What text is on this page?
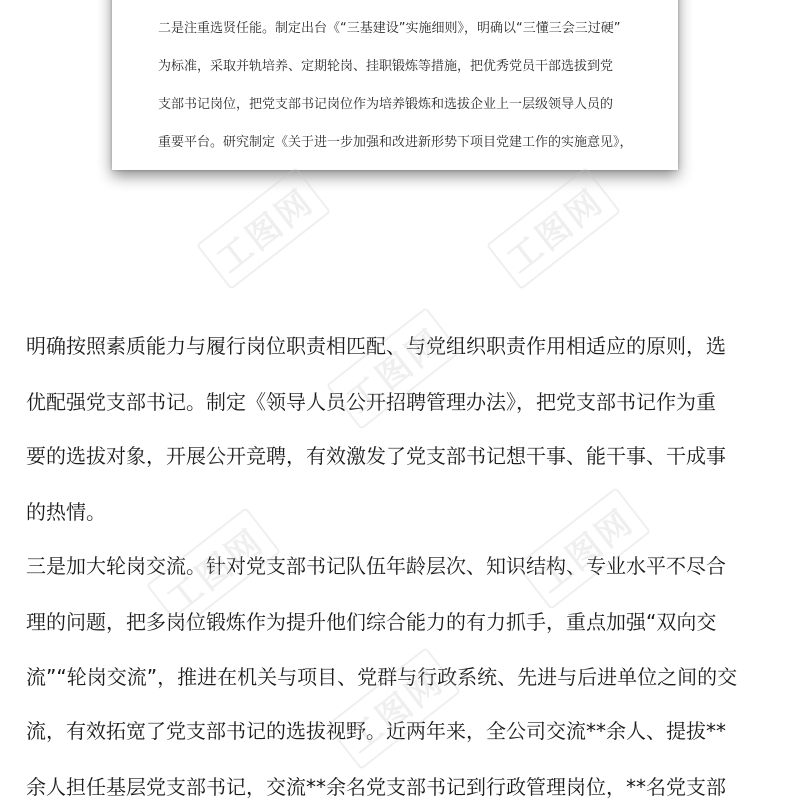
二是注重选贤任能。制定出台《“三基建设”实施细则》，明确以“三懂三会三过硬”
为标准，采取并轨培养、定期轮岗、挂职锻炼等措施，把优秀党员干部选拔到党
支部书记岗位，把党支部书记岗位作为培养锻炼和选拔企业上一层级领导人员的
重要平台。研究制定《关于进一步加强和改进新形势下项目党建工作的实施意见》，
明确按照素质能力与履行岗位职责相匹配、与党组织职责作用相适应的原则，选
优配强党支部书记。制定《领导人员公开招聘管理办法》，把党支部书记作为重
要的选拔对象，开展公开竞聘，有效激发了党支部书记想干事、能干事、干成事
的热情。
三是加大轮岗交流。针对党支部书记队伍年龄层次、知识结构、专业水平不尽合
理的问题，把多岗位锻炼作为提升他们综合能力的有力抓手，重点加强“双向交
流”“轮岗交流”，推进在机关与项目、党群与行政系统、先进与后进单位之间的交
流，有效拓宽了党支部书记的选拔视野。近两年来，全公司交流**余人、提拔**
余人担任基层党支部书记，交流**余名党支部书记到行政管理岗位，**名党支部
工图网	工图网
工图网
工图网	工图网
工图网
